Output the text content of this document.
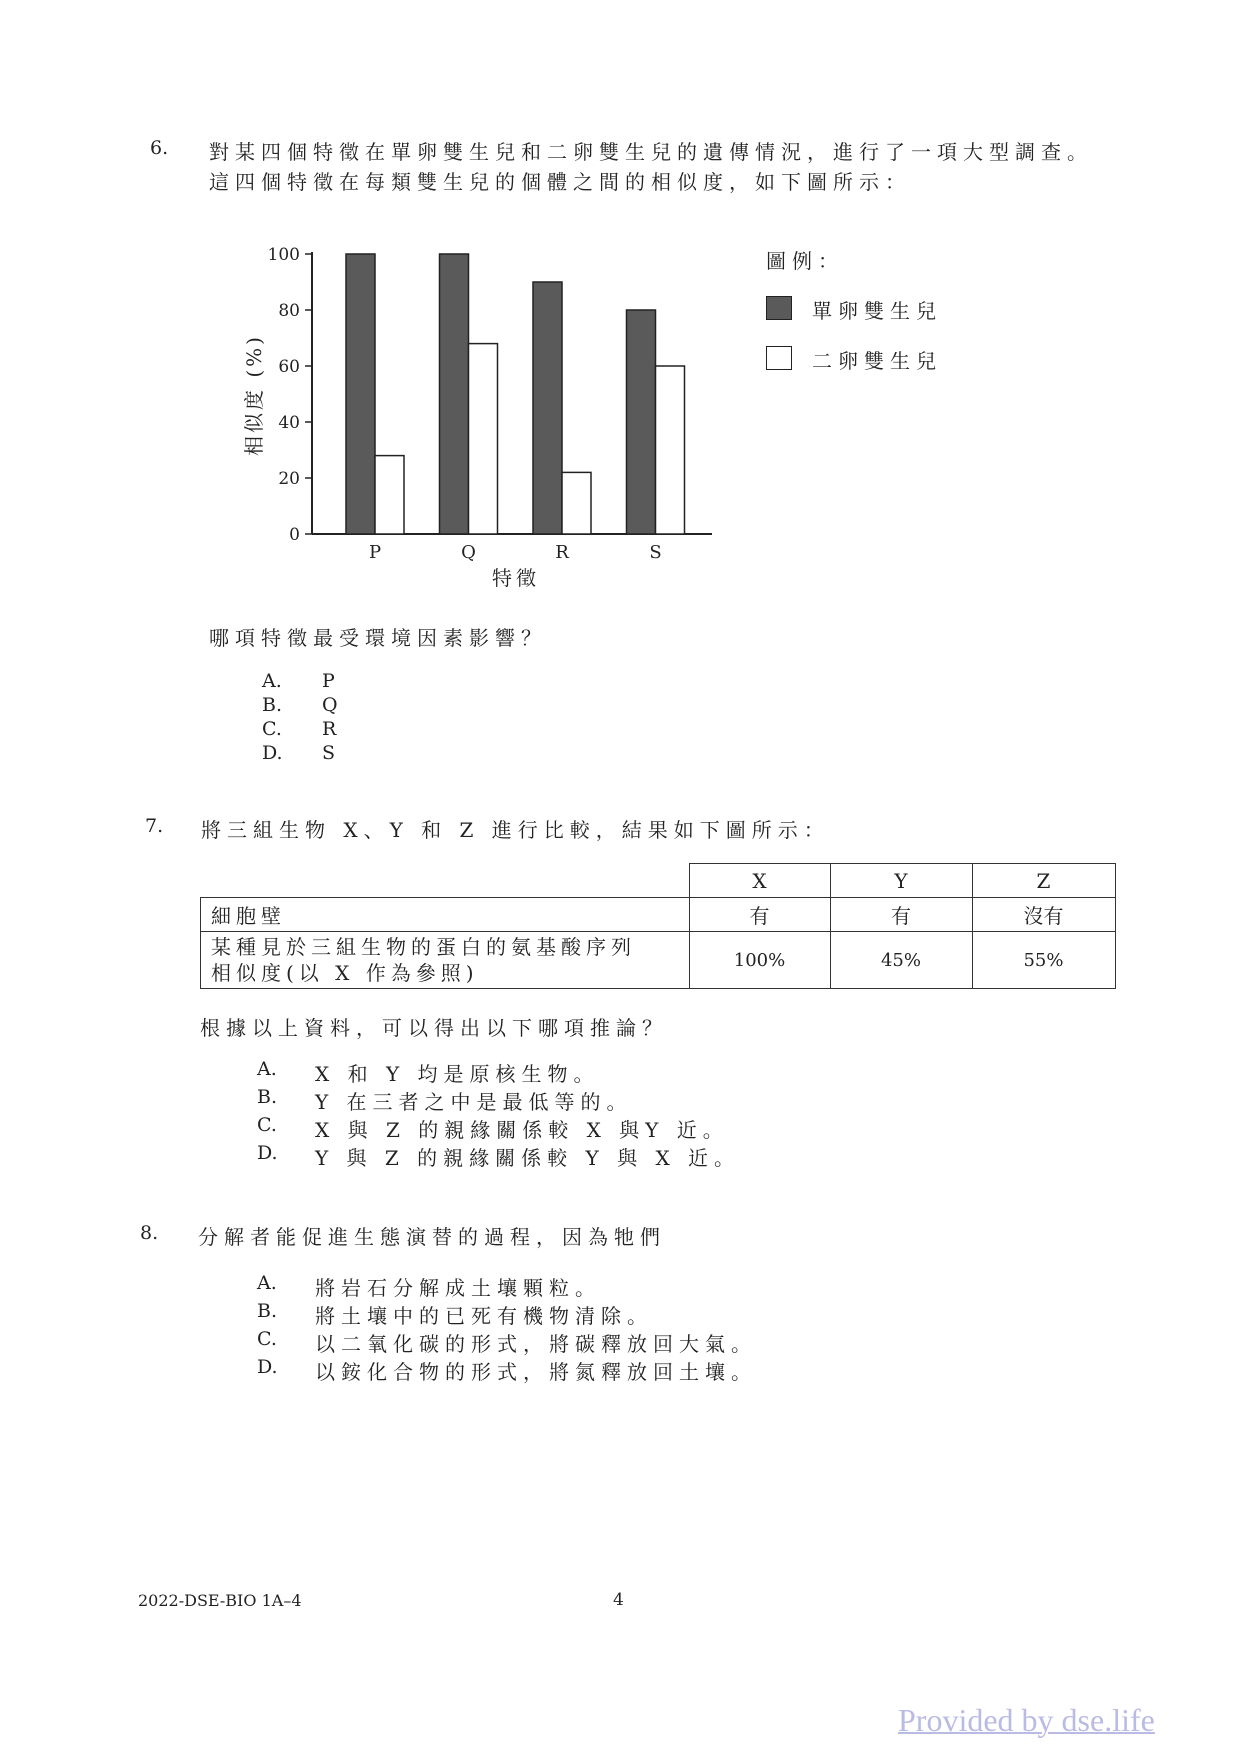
6. 對某四個特徵在單卵雙生兒和二卵雙生兒的遺傳情況，進行了一項大型調查。
這四個特徵在每類雙生兒的個體之間的相似度，如下圖所示：
0
20
40
60
80
100
P	Q	R	S
特徵
相似度 (%)
圖例：
單卵雙生兒
二卵雙生兒
哪項特徵最受環境因素影響？
A. P
B. Q
C. R
D. S
7. 將三組生物 X、Y 和 Z 進行比較，結果如下圖所示：
	X	Y	Z
細胞壁	有	有	沒有

某種見於三組生物的蛋白的氨基酸序列
相似度(以 X 作為參照)	100%	45%	55%
根據以上資料，可以得出以下哪項推論？
A. X 和 Y 均是原核生物。
B. Y 在三者之中是最低等的。
C. X 與 Z 的親緣關係較 X 與Y 近。
D. Y 與 Z 的親緣關係較 Y 與 X 近。
8. 分解者能促進生態演替的過程，因為牠們
A. 將岩石分解成土壤顆粒。
B. 將土壤中的已死有機物清除。
C. 以二氧化碳的形式，將碳釋放回大氣。
D. 以銨化合物的形式，將氮釋放回土壤。
2022-DSE-BIO 1A–4	4
Provided by dse.life
